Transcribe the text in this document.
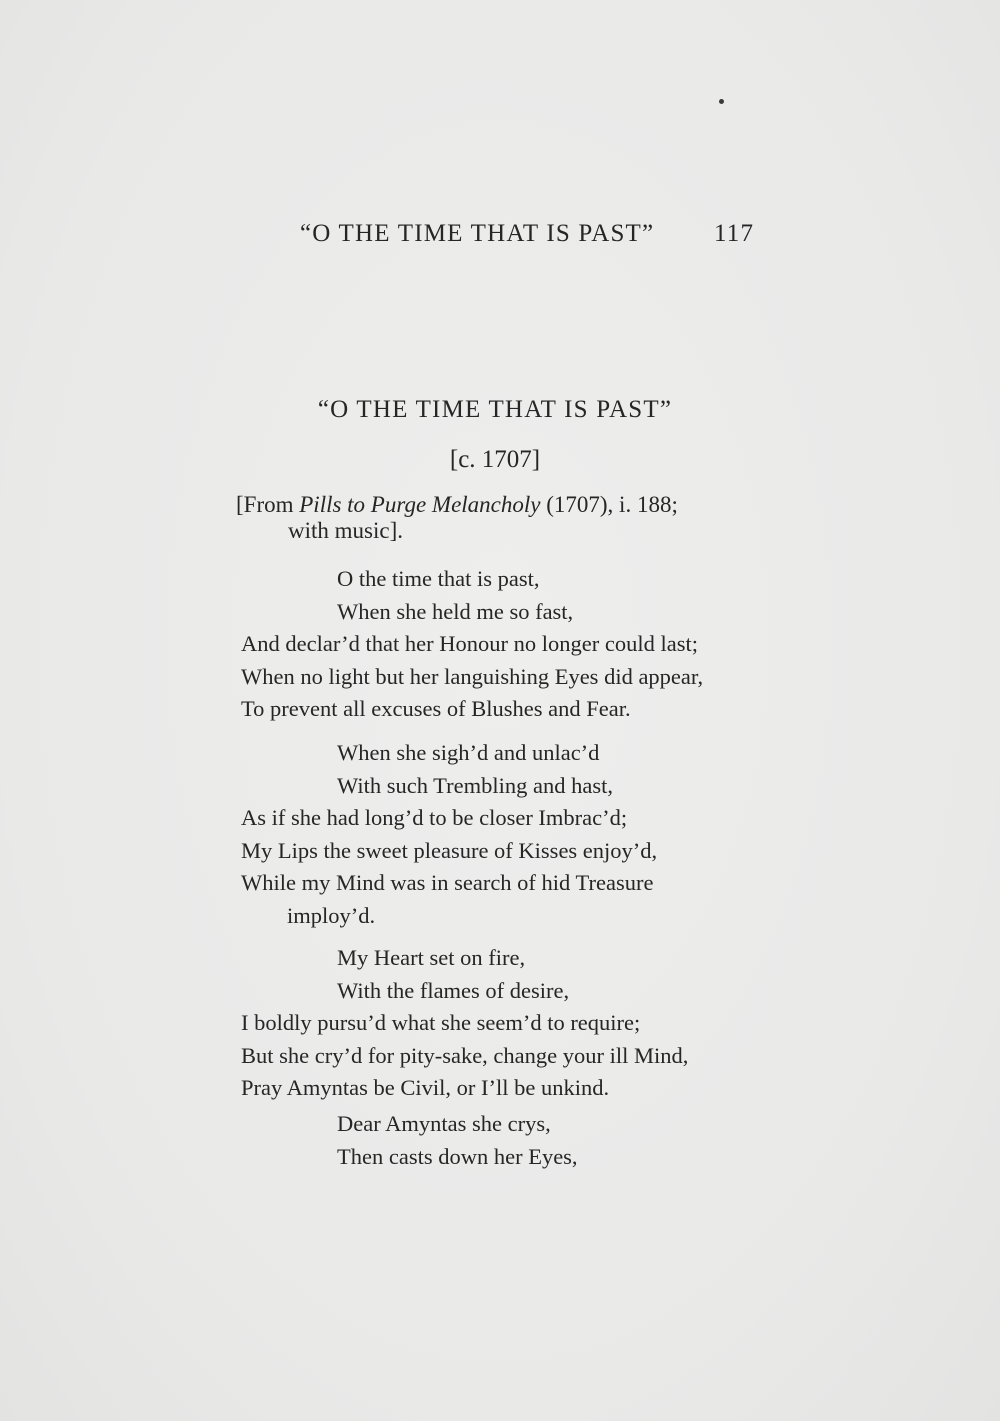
“O THE TIME THAT IS PAST” 117
“O THE TIME THAT IS PAST”
[c. 1707]
[From Pills to Purge Melancholy (1707), i. 188;
with music].
O the time that is past,
When she held me so fast,
And declar’d that her Honour no longer could last;
When no light but her languishing Eyes did appear,
To prevent all excuses of Blushes and Fear.
When she sigh’d and unlac’d
With such Trembling and hast,
As if she had long’d to be closer Imbrac’d;
My Lips the sweet pleasure of Kisses enjoy’d,
While my Mind was in search of hid Treasure
imploy’d.
My Heart set on fire,
With the flames of desire,
I boldly pursu’d what she seem’d to require;
But she cry’d for pity-sake, change your ill Mind,
Pray Amyntas be Civil, or I’ll be unkind.
Dear Amyntas she crys,
Then casts down her Eyes,
